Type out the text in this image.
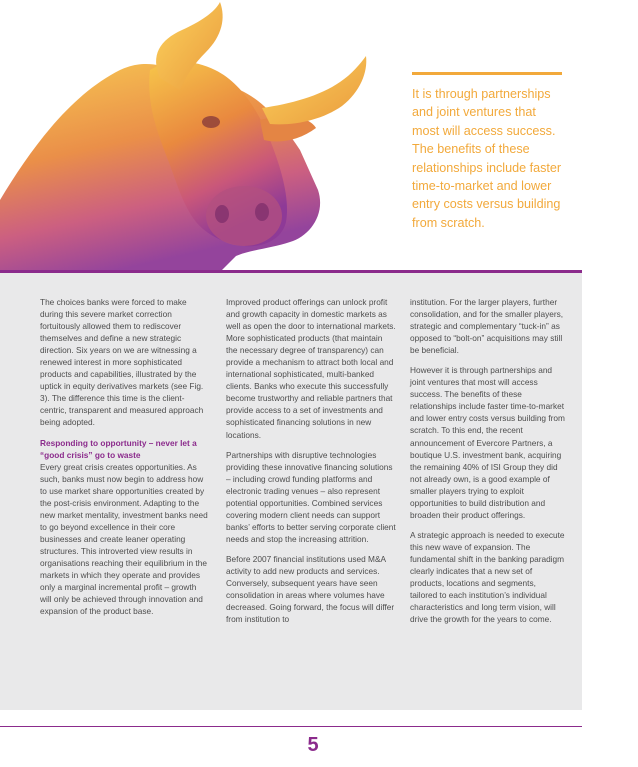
It is through partnerships and joint ventures that most will access success. The benefits of these relationships include faster time-to-market and lower entry costs versus building from scratch.

The choices banks were forced to make during this severe market correction fortuitously allowed them to rediscover themselves and define a new strategic direction. Six years on we are witnessing a renewed interest in more sophisticated products and capabilities, illustrated by the uptick in equity derivatives markets (see Fig. 3). The difference this time is the client-centric, transparent and measured approach being adopted.

Responding to opportunity – never let a “good crisis” go to waste

Every great crisis creates opportunities. As such, banks must now begin to address how to use market share opportunities created by the post-crisis environment. Adapting to the new market mentality, investment banks need to go beyond excellence in their core businesses and create leaner operating structures. This introverted view results in organisations reaching their equilibrium in the markets in which they operate and provides only a marginal incremental profit – growth will only be achieved through innovation and expansion of the product base.

Improved product offerings can unlock profit and growth capacity in domestic markets as well as open the door to international markets. More sophisticated products (that maintain the necessary degree of transparency) can provide a mechanism to attract both local and international sophisticated, multi-banked clients. Banks who execute this successfully become trustworthy and reliable partners that provide access to a set of investments and sophisticated financing solutions in new locations.

Partnerships with disruptive technologies providing these innovative financing solutions – including crowd funding platforms and electronic trading venues – also represent potential opportunities. Combined services covering modern client needs can support banks’ efforts to better serving corporate client needs and stop the increasing attrition.

Before 2007 financial institutions used M&A activity to add new products and services. Conversely, subsequent years have seen consolidation in areas where volumes have decreased. Going forward, the focus will differ from institution to

institution. For the larger players, further consolidation, and for the smaller players, strategic and complementary “tuck-in” as opposed to “bolt-on” acquisitions may still be beneficial.

However it is through partnerships and joint ventures that most will access success. The benefits of these relationships include faster time-to-market and lower entry costs versus building from scratch. To this end, the recent announcement of Evercore Partners, a boutique U.S. investment bank, acquiring the remaining 40% of ISI Group they did not already own, is a good example of smaller players trying to exploit opportunities to build distribution and broaden their product offerings.

A strategic approach is needed to execute this new wave of expansion. The fundamental shift in the banking paradigm clearly indicates that a new set of products, locations and segments, tailored to each institution’s individual characteristics and long term vision, will drive the growth for the years to come.

5
